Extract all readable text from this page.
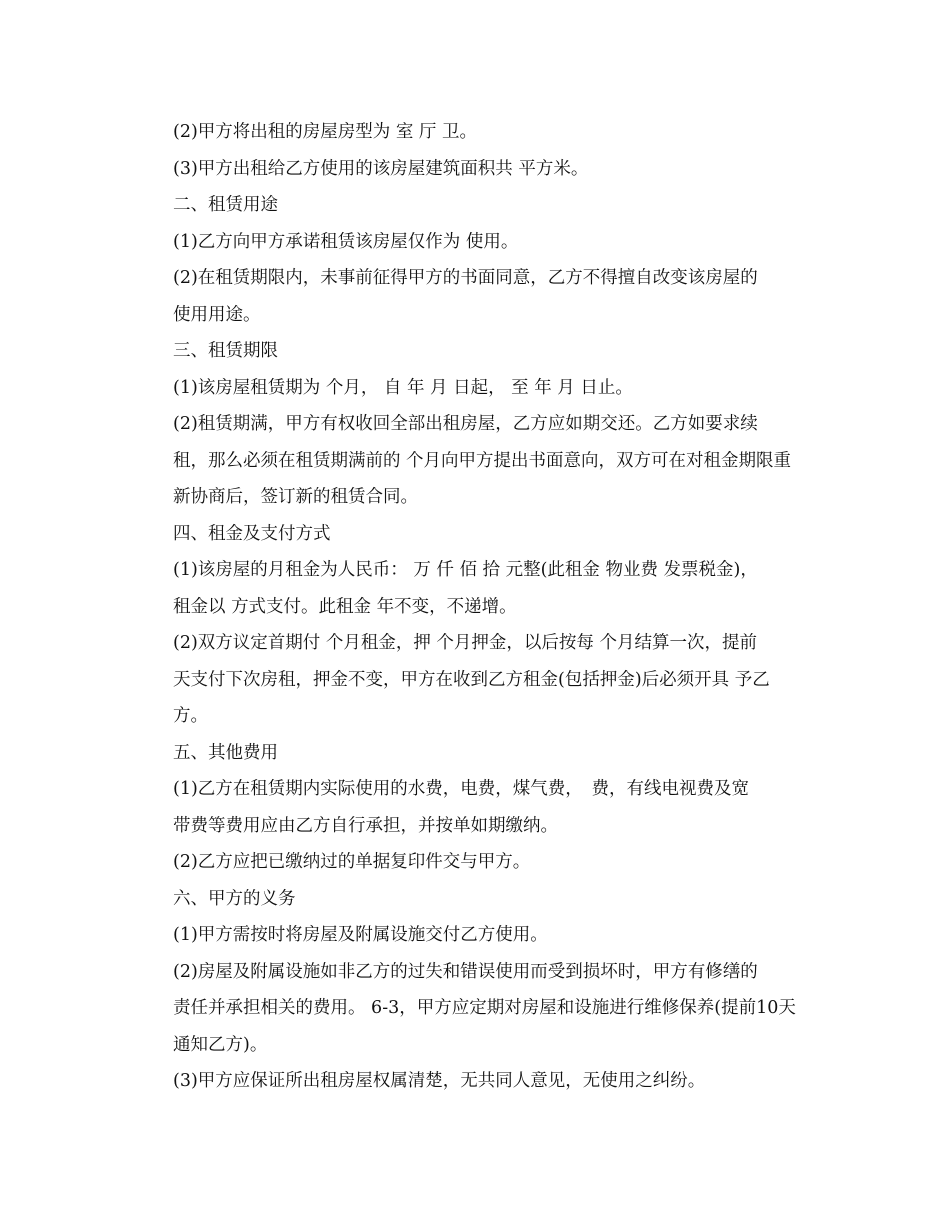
(2)甲方将出租的房屋房型为 室 厅 卫。

(3)甲方出租给乙方使用的该房屋建筑面积共 平方米。

二、租赁用途

(1)乙方向甲方承诺租赁该房屋仅作为 使用。

(2)在租赁期限内，未事前征得甲方的书面同意，乙方不得擅自改变该房屋的
使用用途。

三、租赁期限

(1)该房屋租赁期为 个月， 自 年 月 日起， 至 年 月 日止。

(2)租赁期满，甲方有权收回全部出租房屋，乙方应如期交还。乙方如要求续
租，那么必须在租赁期满前的 个月向甲方提出书面意向，双方可在对租金期限重
新协商后，签订新的租赁合同。

四、租金及支付方式

(1)该房屋的月租金为人民币： 万 仟 佰 拾 元整(此租金 物业费 发票税金)，
租金以 方式支付。此租金 年不变，不递增。

(2)双方议定首期付 个月租金，押 个月押金，以后按每 个月结算一次，提前
天支付下次房租，押金不变，甲方在收到乙方租金(包括押金)后必须开具 予乙
方。

五、其他费用

(1)乙方在租赁期内实际使用的水费，电费，煤气费，　费，有线电视费及宽
带费等费用应由乙方自行承担，并按单如期缴纳。

(2)乙方应把已缴纳过的单据复印件交与甲方。

六、甲方的义务

(1)甲方需按时将房屋及附属设施交付乙方使用。

(2)房屋及附属设施如非乙方的过失和错误使用而受到损坏时，甲方有修缮的
责任并承担相关的费用。 6-3，甲方应定期对房屋和设施进行维修保养(提前10天
通知乙方)。

(3)甲方应保证所出租房屋权属清楚，无共同人意见，无使用之纠纷。
